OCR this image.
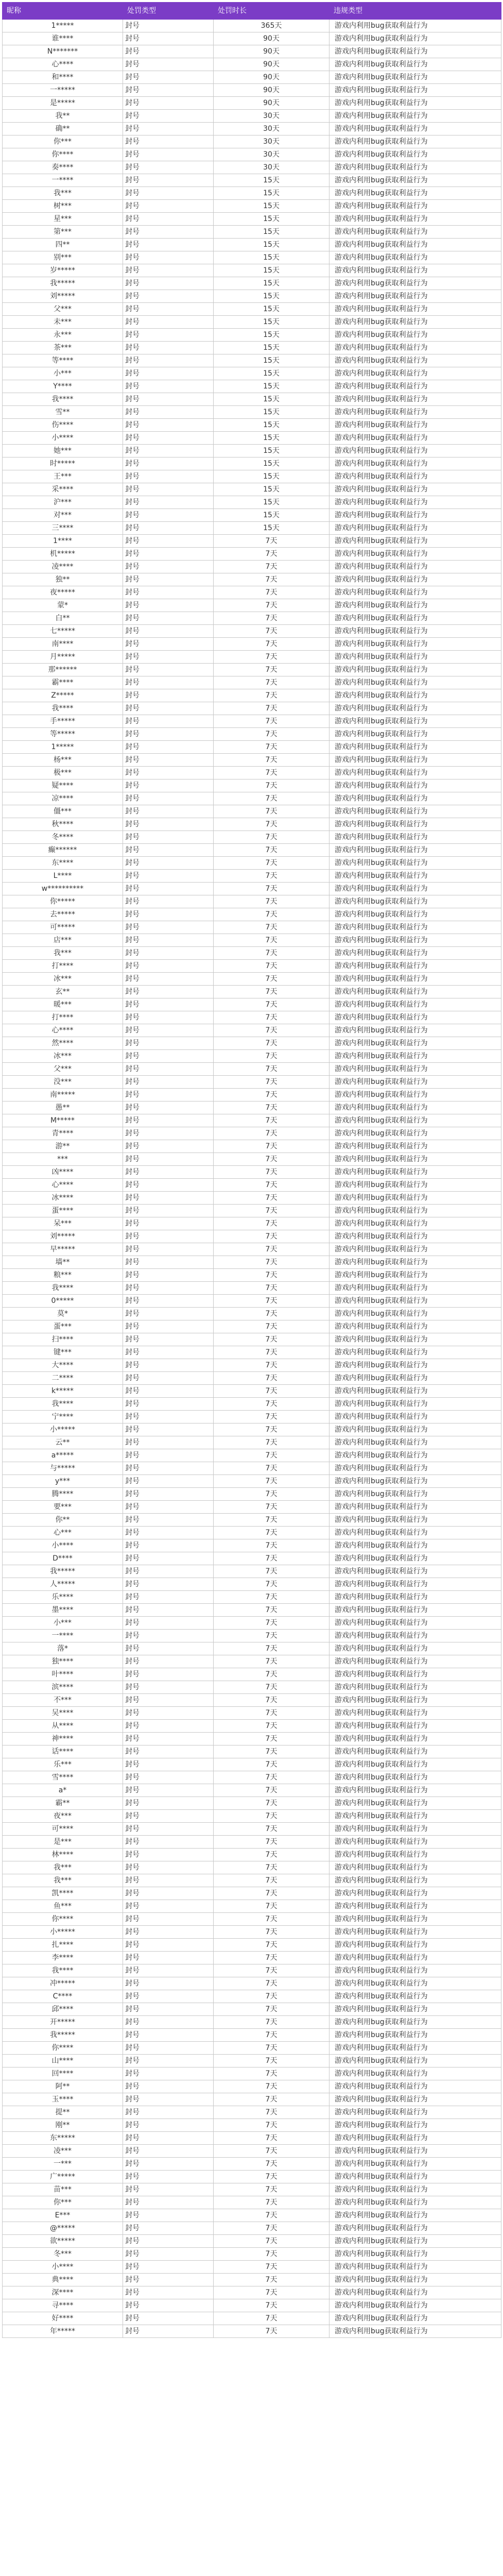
昵称	处罚类型	处罚时长	违规类型

1*****	封号	365天	游戏内利用bug获取利益行为
谁****	封号	90天	游戏内利用bug获取利益行为
N*******	封号	90天	游戏内利用bug获取利益行为
心****	封号	90天	游戏内利用bug获取利益行为
和****	封号	90天	游戏内利用bug获取利益行为
一*****	封号	90天	游戏内利用bug获取利益行为
是*****	封号	90天	游戏内利用bug获取利益行为
我**	封号	30天	游戏内利用bug获取利益行为
确**	封号	30天	游戏内利用bug获取利益行为
你***	封号	30天	游戏内利用bug获取利益行为
你****	封号	30天	游戏内利用bug获取利益行为
奏****	封号	30天	游戏内利用bug获取利益行为
一****	封号	15天	游戏内利用bug获取利益行为
我***	封号	15天	游戏内利用bug获取利益行为
树***	封号	15天	游戏内利用bug获取利益行为
星***	封号	15天	游戏内利用bug获取利益行为
第***	封号	15天	游戏内利用bug获取利益行为
四**	封号	15天	游戏内利用bug获取利益行为
别***	封号	15天	游戏内利用bug获取利益行为
岁*****	封号	15天	游戏内利用bug获取利益行为
我*****	封号	15天	游戏内利用bug获取利益行为
刘*****	封号	15天	游戏内利用bug获取利益行为
父***	封号	15天	游戏内利用bug获取利益行为
未***	封号	15天	游戏内利用bug获取利益行为
永***	封号	15天	游戏内利用bug获取利益行为
茶***	封号	15天	游戏内利用bug获取利益行为
等****	封号	15天	游戏内利用bug获取利益行为
小***	封号	15天	游戏内利用bug获取利益行为
Y****	封号	15天	游戏内利用bug获取利益行为
我****	封号	15天	游戏内利用bug获取利益行为
雪**	封号	15天	游戏内利用bug获取利益行为
伤****	封号	15天	游戏内利用bug获取利益行为
小****	封号	15天	游戏内利用bug获取利益行为
她***	封号	15天	游戏内利用bug获取利益行为
时*****	封号	15天	游戏内利用bug获取利益行为
王***	封号	15天	游戏内利用bug获取利益行为
采****	封号	15天	游戏内利用bug获取利益行为
沪***	封号	15天	游戏内利用bug获取利益行为
对***	封号	15天	游戏内利用bug获取利益行为
三****	封号	15天	游戏内利用bug获取利益行为
1****	封号	7天	游戏内利用bug获取利益行为
机*****	封号	7天	游戏内利用bug获取利益行为
凌****	封号	7天	游戏内利用bug获取利益行为
独**	封号	7天	游戏内利用bug获取利益行为
夜*****	封号	7天	游戏内利用bug获取利益行为
蒙*	封号	7天	游戏内利用bug获取利益行为
白**	封号	7天	游戏内利用bug获取利益行为
七*****	封号	7天	游戏内利用bug获取利益行为
南****	封号	7天	游戏内利用bug获取利益行为
月*****	封号	7天	游戏内利用bug获取利益行为
那******	封号	7天	游戏内利用bug获取利益行为
霸****	封号	7天	游戏内利用bug获取利益行为
Z*****	封号	7天	游戏内利用bug获取利益行为
我****	封号	7天	游戏内利用bug获取利益行为
手*****	封号	7天	游戏内利用bug获取利益行为
等*****	封号	7天	游戏内利用bug获取利益行为
1*****	封号	7天	游戏内利用bug获取利益行为
杨***	封号	7天	游戏内利用bug获取利益行为
极***	封号	7天	游戏内利用bug获取利益行为
疑****	封号	7天	游戏内利用bug获取利益行为
凉****	封号	7天	游戏内利用bug获取利益行为
僵***	封号	7天	游戏内利用bug获取利益行为
秋****	封号	7天	游戏内利用bug获取利益行为
冬****	封号	7天	游戏内利用bug获取利益行为
癫******	封号	7天	游戏内利用bug获取利益行为
东****	封号	7天	游戏内利用bug获取利益行为
L****	封号	7天	游戏内利用bug获取利益行为
w**********	封号	7天	游戏内利用bug获取利益行为
你*****	封号	7天	游戏内利用bug获取利益行为
去*****	封号	7天	游戏内利用bug获取利益行为
可*****	封号	7天	游戏内利用bug获取利益行为
店***	封号	7天	游戏内利用bug获取利益行为
我***	封号	7天	游戏内利用bug获取利益行为
打****	封号	7天	游戏内利用bug获取利益行为
冰***	封号	7天	游戏内利用bug获取利益行为
玄**	封号	7天	游戏内利用bug获取利益行为
暖***	封号	7天	游戏内利用bug获取利益行为
打****	封号	7天	游戏内利用bug获取利益行为
心****	封号	7天	游戏内利用bug获取利益行为
然****	封号	7天	游戏内利用bug获取利益行为
冰***	封号	7天	游戏内利用bug获取利益行为
父***	封号	7天	游戏内利用bug获取利益行为
没***	封号	7天	游戏内利用bug获取利益行为
南*****	封号	7天	游戏内利用bug获取利益行为
愚**	封号	7天	游戏内利用bug获取利益行为
M*****	封号	7天	游戏内利用bug获取利益行为
青****	封号	7天	游戏内利用bug获取利益行为
游**	封号	7天	游戏内利用bug获取利益行为
***	封号	7天	游戏内利用bug获取利益行为
凶****	封号	7天	游戏内利用bug获取利益行为
心****	封号	7天	游戏内利用bug获取利益行为
冰****	封号	7天	游戏内利用bug获取利益行为
蛋****	封号	7天	游戏内利用bug获取利益行为
呆***	封号	7天	游戏内利用bug获取利益行为
刘*****	封号	7天	游戏内利用bug获取利益行为
早*****	封号	7天	游戏内利用bug获取利益行为
墙**	封号	7天	游戏内利用bug获取利益行为
粮***	封号	7天	游戏内利用bug获取利益行为
我****	封号	7天	游戏内利用bug获取利益行为
0*****	封号	7天	游戏内利用bug获取利益行为
莫*	封号	7天	游戏内利用bug获取利益行为
蛋***	封号	7天	游戏内利用bug获取利益行为
扫****	封号	7天	游戏内利用bug获取利益行为
键***	封号	7天	游戏内利用bug获取利益行为
大****	封号	7天	游戏内利用bug获取利益行为
二****	封号	7天	游戏内利用bug获取利益行为
k*****	封号	7天	游戏内利用bug获取利益行为
我****	封号	7天	游戏内利用bug获取利益行为
宁****	封号	7天	游戏内利用bug获取利益行为
小*****	封号	7天	游戏内利用bug获取利益行为
云**	封号	7天	游戏内利用bug获取利益行为
a*****	封号	7天	游戏内利用bug获取利益行为
与*****	封号	7天	游戏内利用bug获取利益行为
y***	封号	7天	游戏内利用bug获取利益行为
腾****	封号	7天	游戏内利用bug获取利益行为
要***	封号	7天	游戏内利用bug获取利益行为
你**	封号	7天	游戏内利用bug获取利益行为
心***	封号	7天	游戏内利用bug获取利益行为
小****	封号	7天	游戏内利用bug获取利益行为
D****	封号	7天	游戏内利用bug获取利益行为
我*****	封号	7天	游戏内利用bug获取利益行为
人*****	封号	7天	游戏内利用bug获取利益行为
乐****	封号	7天	游戏内利用bug获取利益行为
墨****	封号	7天	游戏内利用bug获取利益行为
小***	封号	7天	游戏内利用bug获取利益行为
一****	封号	7天	游戏内利用bug获取利益行为
落*	封号	7天	游戏内利用bug获取利益行为
独****	封号	7天	游戏内利用bug获取利益行为
叶****	封号	7天	游戏内利用bug获取利益行为
滨****	封号	7天	游戏内利用bug获取利益行为
不***	封号	7天	游戏内利用bug获取利益行为
吴****	封号	7天	游戏内利用bug获取利益行为
从****	封号	7天	游戏内利用bug获取利益行为
神****	封号	7天	游戏内利用bug获取利益行为
话****	封号	7天	游戏内利用bug获取利益行为
乐***	封号	7天	游戏内利用bug获取利益行为
雪****	封号	7天	游戏内利用bug获取利益行为
a*	封号	7天	游戏内利用bug获取利益行为
霸**	封号	7天	游戏内利用bug获取利益行为
夜***	封号	7天	游戏内利用bug获取利益行为
可****	封号	7天	游戏内利用bug获取利益行为
是***	封号	7天	游戏内利用bug获取利益行为
林****	封号	7天	游戏内利用bug获取利益行为
我***	封号	7天	游戏内利用bug获取利益行为
我***	封号	7天	游戏内利用bug获取利益行为
凯****	封号	7天	游戏内利用bug获取利益行为
鱼***	封号	7天	游戏内利用bug获取利益行为
你****	封号	7天	游戏内利用bug获取利益行为
小*****	封号	7天	游戏内利用bug获取利益行为
扎****	封号	7天	游戏内利用bug获取利益行为
李****	封号	7天	游戏内利用bug获取利益行为
我****	封号	7天	游戏内利用bug获取利益行为
冲*****	封号	7天	游戏内利用bug获取利益行为
C****	封号	7天	游戏内利用bug获取利益行为
邱****	封号	7天	游戏内利用bug获取利益行为
开*****	封号	7天	游戏内利用bug获取利益行为
我*****	封号	7天	游戏内利用bug获取利益行为
你****	封号	7天	游戏内利用bug获取利益行为
山****	封号	7天	游戏内利用bug获取利益行为
回****	封号	7天	游戏内利用bug获取利益行为
阿**	封号	7天	游戏内利用bug获取利益行为
玉****	封号	7天	游戏内利用bug获取利益行为
提**	封号	7天	游戏内利用bug获取利益行为
刚**	封号	7天	游戏内利用bug获取利益行为
东*****	封号	7天	游戏内利用bug获取利益行为
凌***	封号	7天	游戏内利用bug获取利益行为
一***	封号	7天	游戏内利用bug获取利益行为
广*****	封号	7天	游戏内利用bug获取利益行为
苗***	封号	7天	游戏内利用bug获取利益行为
你***	封号	7天	游戏内利用bug获取利益行为
E***	封号	7天	游戏内利用bug获取利益行为
@*****	封号	7天	游戏内利用bug获取利益行为
欲*****	封号	7天	游戏内利用bug获取利益行为
冬***	封号	7天	游戏内利用bug获取利益行为
小****	封号	7天	游戏内利用bug获取利益行为
典****	封号	7天	游戏内利用bug获取利益行为
深****	封号	7天	游戏内利用bug获取利益行为
寻****	封号	7天	游戏内利用bug获取利益行为
好****	封号	7天	游戏内利用bug获取利益行为
年*****	封号	7天	游戏内利用bug获取利益行为
